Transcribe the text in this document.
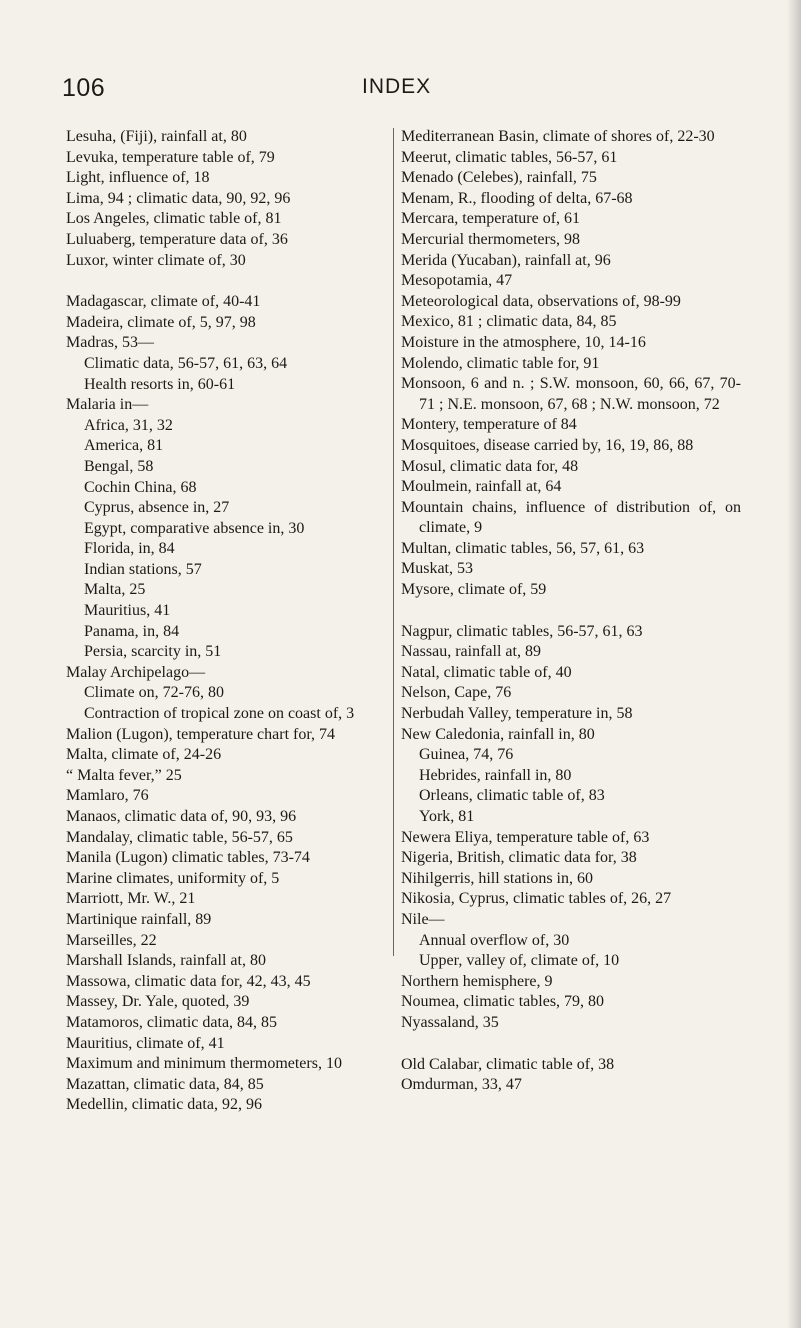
106	INDEX
Lesuha, (Fiji), rainfall at, 80
Levuka, temperature table of, 79
Light, influence of, 18
Lima, 94 ; climatic data, 90, 92, 96
Los Angeles, climatic table of, 81
Luluaberg, temperature data of, 36
Luxor, winter climate of, 30
Madagascar, climate of, 40-41
Madeira, climate of, 5, 97, 98
Madras, 53—
Climatic data, 56-57, 61, 63, 64
Health resorts in, 60-61
Malaria in—
Africa, 31, 32
America, 81
Bengal, 58
Cochin China, 68
Cyprus, absence in, 27
Egypt, comparative absence in, 30
Florida, in, 84
Indian stations, 57
Malta, 25
Mauritius, 41
Panama, in, 84
Persia, scarcity in, 51
Malay Archipelago—
Climate on, 72-76, 80
Contraction of tropical zone on coast of, 3
Malion (Lugon), temperature chart for, 74
Malta, climate of, 24-26
“ Malta fever,” 25
Mamlaro, 76
Manaos, climatic data of, 90, 93, 96
Mandalay, climatic table, 56-57, 65
Manila (Lugon) climatic tables, 73-74
Marine climates, uniformity of, 5
Marriott, Mr. W., 21
Martinique rainfall, 89
Marseilles, 22
Marshall Islands, rainfall at, 80
Massowa, climatic data for, 42, 43, 45
Massey, Dr. Yale, quoted, 39
Matamoros, climatic data, 84, 85
Mauritius, climate of, 41
Maximum and minimum thermometers, 10
Mazattan, climatic data, 84, 85
Medellin, climatic data, 92, 96
Mediterranean Basin, climate of shores of, 22-30
Meerut, climatic tables, 56-57, 61
Menado (Celebes), rainfall, 75
Menam, R., flooding of delta, 67-68
Mercara, temperature of, 61
Mercurial thermometers, 98
Merida (Yucaban), rainfall at, 96
Mesopotamia, 47
Meteorological data, observations of, 98-99
Mexico, 81 ; climatic data, 84, 85
Moisture in the atmosphere, 10, 14-16
Molendo, climatic table for, 91
Monsoon, 6 and n. ; S.W. monsoon, 60, 66, 67, 70-71 ; N.E. monsoon, 67, 68 ; N.W. monsoon, 72
Montery, temperature of 84
Mosquitoes, disease carried by, 16, 19, 86, 88
Mosul, climatic data for, 48
Moulmein, rainfall at, 64
Mountain chains, influence of distribution of, on climate, 9
Multan, climatic tables, 56, 57, 61, 63
Muskat, 53
Mysore, climate of, 59
Nagpur, climatic tables, 56-57, 61, 63
Nassau, rainfall at, 89
Natal, climatic table of, 40
Nelson, Cape, 76
Nerbudah Valley, temperature in, 58
New Caledonia, rainfall in, 80
Guinea, 74, 76
Hebrides, rainfall in, 80
Orleans, climatic table of, 83
York, 81
Newera Eliya, temperature table of, 63
Nigeria, British, climatic data for, 38
Nihilgerris, hill stations in, 60
Nikosia, Cyprus, climatic tables of, 26, 27
Nile—
Annual overflow of, 30
Upper, valley of, climate of, 10
Northern hemisphere, 9
Noumea, climatic tables, 79, 80
Nyassaland, 35
Old Calabar, climatic table of, 38
Omdurman, 33, 47
